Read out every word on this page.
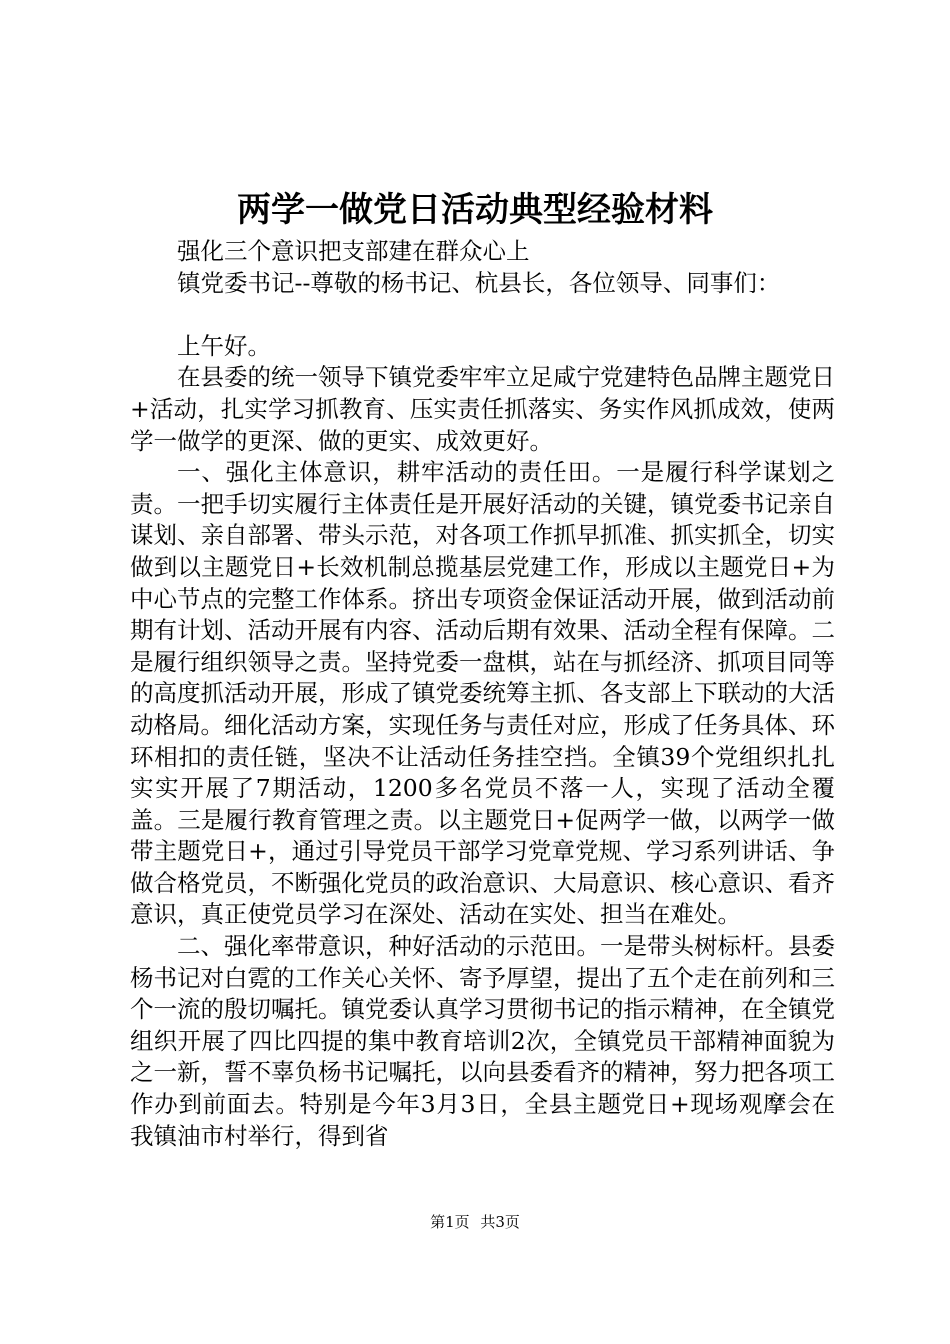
两学一做党日活动典型经验材料

强化三个意识把支部建在群众心上

镇党委书记--尊敬的杨书记、杭县长，各位领导、同事们：

上午好。

在县委的统一领导下镇党委牢牢立足咸宁党建特色品牌主题党日+活动，扎实学习抓教育、压实责任抓落实、务实作风抓成效，使两学一做学的更深、做的更实、成效更好。

一、强化主体意识，耕牢活动的责任田。一是履行科学谋划之责。一把手切实履行主体责任是开展好活动的关键，镇党委书记亲自谋划、亲自部署、带头示范，对各项工作抓早抓准、抓实抓全，切实做到以主题党日+长效机制总揽基层党建工作，形成以主题党日+为中心节点的完整工作体系。挤出专项资金保证活动开展，做到活动前期有计划、活动开展有内容、活动后期有效果、活动全程有保障。二是履行组织领导之责。坚持党委一盘棋，站在与抓经济、抓项目同等的高度抓活动开展，形成了镇党委统筹主抓、各支部上下联动的大活动格局。细化活动方案，实现任务与责任对应，形成了任务具体、环环相扣的责任链，坚决不让活动任务挂空挡。全镇39个党组织扎扎实实开展了7期活动，1200多名党员不落一人，实现了活动全覆盖。三是履行教育管理之责。以主题党日+促两学一做，以两学一做带主题党日+，通过引导党员干部学习党章党规、学习系列讲话、争做合格党员，不断强化党员的政治意识、大局意识、核心意识、看齐意识，真正使党员学习在深处、活动在实处、担当在难处。

二、强化率带意识，种好活动的示范田。一是带头树标杆。县委杨书记对白霓的工作关心关怀、寄予厚望，提出了五个走在前列和三个一流的殷切嘱托。镇党委认真学习贯彻书记的指示精神，在全镇党组织开展了四比四提的集中教育培训2次，全镇党员干部精神面貌为之一新，誓不辜负杨书记嘱托，以向县委看齐的精神，努力把各项工作办到前面去。特别是今年3月3日，全县主题党日+现场观摩会在我镇油市村举行，得到省

第1页 共3页
